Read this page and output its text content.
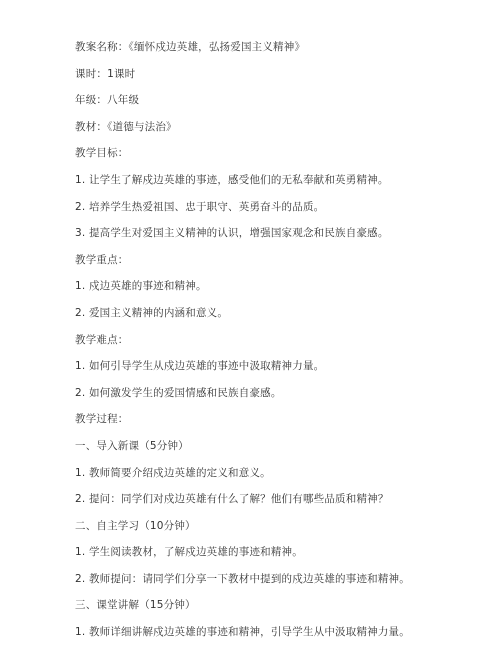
教案名称：《缅怀戍边英雄，弘扬爱国主义精神》
课时：1课时
年级：八年级
教材：《道德与法治》
教学目标：
1. 让学生了解戍边英雄的事迹，感受他们的无私奉献和英勇精神。
2. 培养学生热爱祖国、忠于职守、英勇奋斗的品质。
3. 提高学生对爱国主义精神的认识，增强国家观念和民族自豪感。
教学重点：
1. 戍边英雄的事迹和精神。
2. 爱国主义精神的内涵和意义。
教学难点：
1. 如何引导学生从戍边英雄的事迹中汲取精神力量。
2. 如何激发学生的爱国情感和民族自豪感。
教学过程：
一、导入新课（5分钟）
1. 教师简要介绍戍边英雄的定义和意义。
2. 提问：同学们对戍边英雄有什么了解？他们有哪些品质和精神？
二、自主学习（10分钟）
1. 学生阅读教材，了解戍边英雄的事迹和精神。
2. 教师提问：请同学们分享一下教材中提到的戍边英雄的事迹和精神。
三、课堂讲解（15分钟）
1. 教师详细讲解戍边英雄的事迹和精神，引导学生从中汲取精神力量。
